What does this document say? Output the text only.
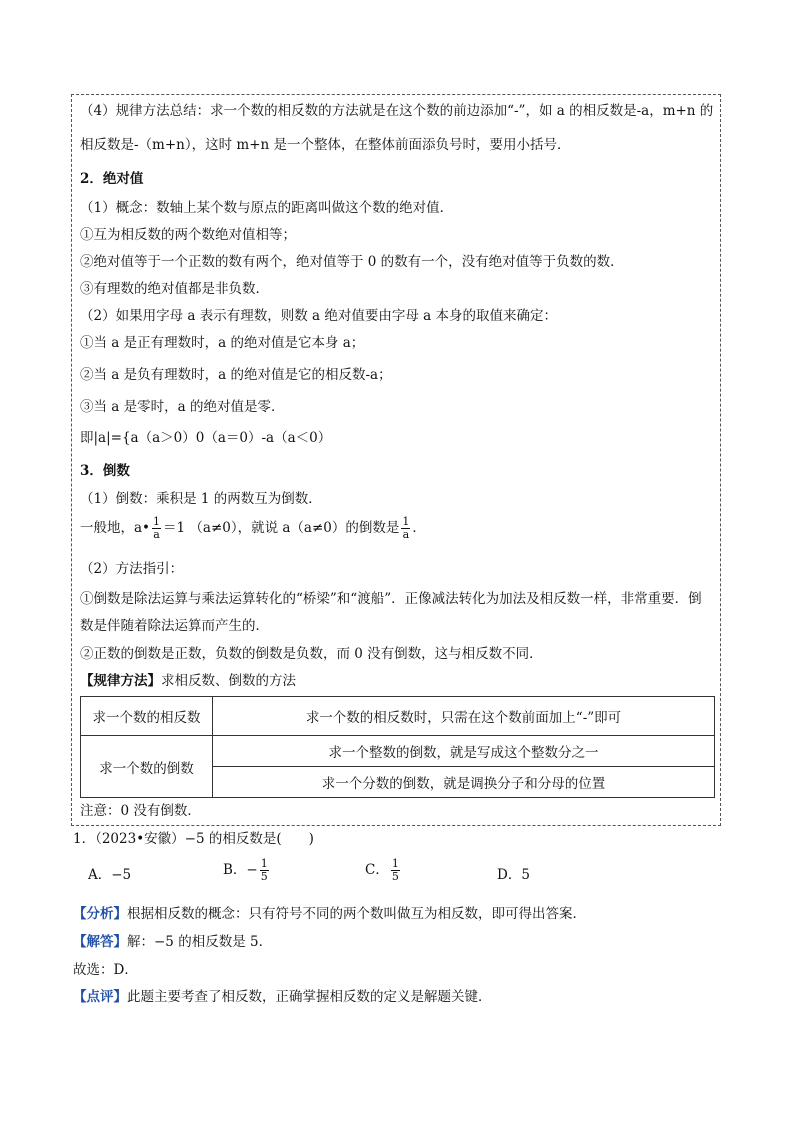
（4）规律方法总结：求一个数的相反数的方法就是在这个数的前边添加“-”，如 a 的相反数是-a，m+n 的
相反数是-（m+n），这时 m+n 是一个整体，在整体前面添负号时，要用小括号．
2．绝对值
（1）概念：数轴上某个数与原点的距离叫做这个数的绝对值．
①互为相反数的两个数绝对值相等；
②绝对值等于一个正数的数有两个，绝对值等于 0 的数有一个，没有绝对值等于负数的数．
③有理数的绝对值都是非负数．
（2）如果用字母 a 表示有理数，则数 a 绝对值要由字母 a 本身的取值来确定：
①当 a 是正有理数时，a 的绝对值是它本身 a；
②当 a 是负有理数时，a 的绝对值是它的相反数-a；
③当 a 是零时，a 的绝对值是零．
即|a|={a（a＞0）0（a＝0）-a（a＜0）
3．倒数
（1）倒数：乘积是 1 的两数互为倒数．
一般地，a• $\frac{1}{a} =1$ （a≠0），就说 a（a≠0）的倒数是 $\frac{1}{a}$ ．
（2）方法指引：
①倒数是除法运算与乘法运算转化的“桥梁”和“渡船”．正像减法转化为加法及相反数一样，非常重要．倒
数是伴随着除法运算而产生的．
②正数的倒数是正数，负数的倒数是负数，而 0 没有倒数，这与相反数不同．
【规律方法】求相反数、倒数的方法
求一个数的相反数	求一个数的相反数时，只需在这个数前面加上“-”即可
求一个数的倒数	求一个整数的倒数，就是写成这个整数分之一
	求一个分数的倒数，就是调换分子和分母的位置
注意：0 没有倒数．
1．（2023•安徽）−5 的相反数是(　　)
A．−5	B．− $\frac{1}{5}$	C． $\frac{1}{5}$	D．5
【分析】根据相反数的概念：只有符号不同的两个数叫做互为相反数，即可得出答案．
【解答】解：−5 的相反数是 5．
故选：D．
【点评】此题主要考查了相反数，正确掌握相反数的定义是解题关键．
